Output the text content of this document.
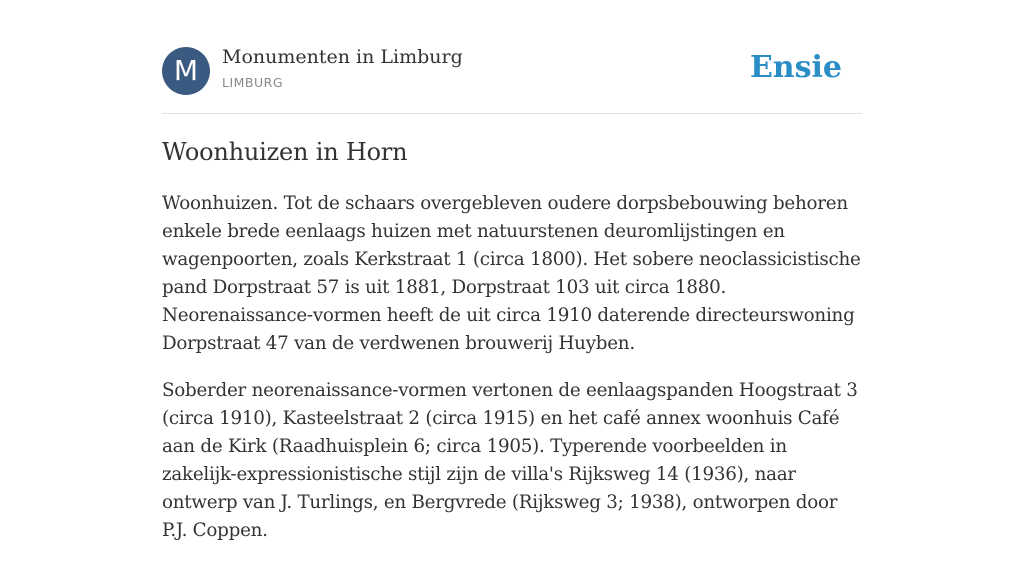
M	Monumenten in Limburg
LIMBURG	Ensie
Woonhuizen in Horn

Woonhuizen. Tot de schaars overgebleven oudere dorpsbebouwing behoren enkele brede eenlaags huizen met natuurstenen deuromlijstingen en wagenpoorten, zoals Kerkstraat 1 (circa 1800). Het sobere neoclassicistische pand Dorpstraat 57 is uit 1881, Dorpstraat 103 uit circa 1880. Neorenaissance-vormen heeft de uit circa 1910 daterende directeurswoning Dorpstraat 47 van de verdwenen brouwerij Huyben.

Soberder neorenaissance-vormen vertonen de eenlaagspanden Hoogstraat 3 (circa 1910), Kasteelstraat 2 (circa 1915) en het café annex woonhuis Café aan de Kirk (Raadhuisplein 6; circa 1905). Typerende voorbeelden in zakelijk-expressionistische stijl zijn de villa's Rijksweg 14 (1936), naar ontwerp van J. Turlings, en Bergvrede (Rijksweg 3; 1938), ontworpen door P.J. Coppen.
